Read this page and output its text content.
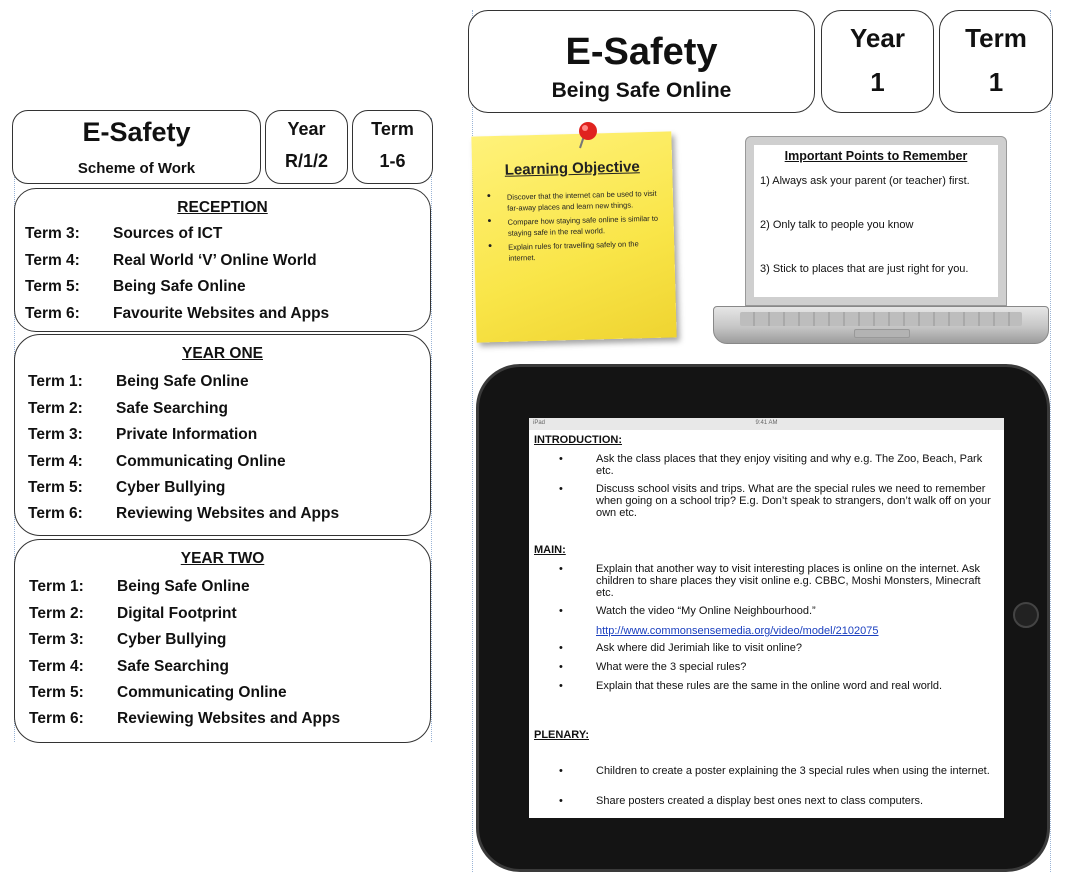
E-Safety
Scheme of Work
Year
R/1/2
Term
1-6
RECEPTION
Term 3: Sources of ICT
Term 4: Real World ‘V’ Online World
Term 5: Being Safe Online
Term 6: Favourite Websites and Apps
YEAR ONE
Term 1: Being Safe Online
Term 2: Safe Searching
Term 3: Private Information
Term 4: Communicating Online
Term 5: Cyber Bullying
Term 6: Reviewing Websites and Apps
YEAR TWO
Term 1: Being Safe Online
Term 2: Digital Footprint
Term 3: Cyber Bullying
Term 4: Safe Searching
Term 5: Communicating Online
Term 6: Reviewing Websites and Apps
E-Safety
Being Safe Online
Year
1
Term
1
Learning Objective
• Discover that the internet can be used to visit far-away places and learn new things.
• Compare how staying safe online is similar to staying safe in the real world.
• Explain rules for travelling safely on the internet.
Important Points to Remember
1) Always ask your parent (or teacher) first.
2) Only talk to people you know
3) Stick to places that are just right for you.
iPad	9:41 AM
INTRODUCTION:
•	Ask the class places that they enjoy visiting and why e.g. The Zoo, Beach, Park etc.
•	Discuss school visits and trips. What are the special rules we need to remember when going on a school trip? E.g. Don’t speak to strangers, don’t walk off on your own etc.
MAIN:
•	Explain that another way to visit interesting places is online on the internet. Ask children to share places they visit online e.g. CBBC, Moshi Monsters, Minecraft etc.
•	Watch the video “My Online Neighbourhood.”
http://www.commonsensemedia.org/video/model/2102075
•	Ask where did Jerimiah like to visit online?
•	What were the 3 special rules?
•	Explain that these rules are the same in the online word and real world.
PLENARY:
•	Children to create a poster explaining the 3 special rules when using the internet.
•	Share posters created a display best ones next to class computers.
